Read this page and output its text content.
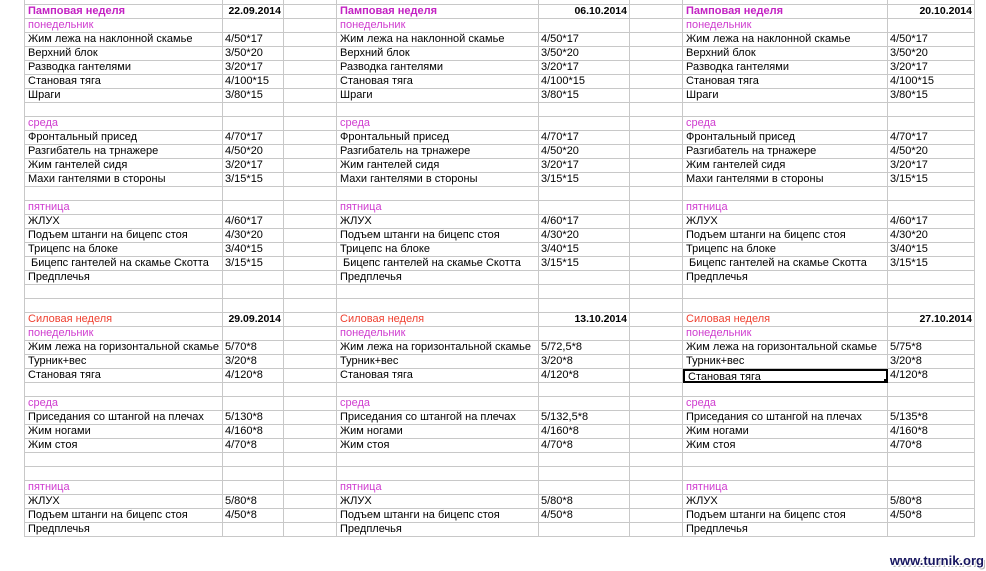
Памповая неделя	22.09.2014	Памповая неделя	06.10.2014	Памповая неделя	20.10.2014
понедельник	понедельник	понедельник
Жим лежа на наклонной скамье	4/50*17	Жим лежа на наклонной скамье	4/50*17	Жим лежа на наклонной скамье	4/50*17
Верхний блок	3/50*20	Верхний блок	3/50*20	Верхний блок	3/50*20
Разводка гантелями	3/20*17	Разводка гантелями	3/20*17	Разводка гантелями	3/20*17
Становая тяга	4/100*15	Становая тяга	4/100*15	Становая тяга	4/100*15
Шраги	3/80*15	Шраги	3/80*15	Шраги	3/80*15
среда	среда	среда
Фронтальный присед	4/70*17	Фронтальный присед	4/70*17	Фронтальный присед	4/70*17
Разгибатель на трнажере	4/50*20	Разгибатель на трнажере	4/50*20	Разгибатель на трнажере	4/50*20
Жим гантелей сидя	3/20*17	Жим гантелей сидя	3/20*17	Жим гантелей сидя	3/20*17
Махи гантелями в стороны	3/15*15	Махи гантелями в стороны	3/15*15	Махи гантелями в стороны	3/15*15
пятница	пятница	пятница
ЖЛУХ	4/60*17	ЖЛУХ	4/60*17	ЖЛУХ	4/60*17
Подъем штанги на бицепс стоя	4/30*20	Подъем штанги на бицепс стоя	4/30*20	Подъем штанги на бицепс стоя	4/30*20
Трицепс на блоке	3/40*15	Трицепс на блоке	3/40*15	Трицепс на блоке	3/40*15
Бицепс гантелей на скамье Скотта	3/15*15	Бицепс гантелей на скамье Скотта	3/15*15	Бицепс гантелей на скамье Скотта	3/15*15
Предплечья	Предплечья	Предплечья
Силовая неделя	29.09.2014	Силовая неделя	13.10.2014	Силовая неделя	27.10.2014
понедельник	понедельник	понедельник
Жим лежа на горизонтальной скамье 5/70*8	Жим лежа на горизонтальной скамье 5/72,5*8	Жим лежа на горизонтальной скамье	5/75*8
Турник+вес	3/20*8	Турник+вес	3/20*8	Турник+вес	3/20*8
Становая тяга	4/120*8	Становая тяга	4/120*8	Становая тяга	4/120*8
среда	среда	среда
Приседания со штангой на плечах	5/130*8	Приседания со штангой на плечах	5/132,5*8	Приседания со штангой на плечах	5/135*8
Жим ногами	4/160*8	Жим ногами	4/160*8	Жим ногами	4/160*8
Жим стоя	4/70*8	Жим стоя	4/70*8	Жим стоя	4/70*8
пятница	пятница	пятница
ЖЛУХ	5/80*8	ЖЛУХ	5/80*8	ЖЛУХ	5/80*8
Подъем штанги на бицепс стоя	4/50*8	Подъем штанги на бицепс стоя	4/50*8	Подъем штанги на бицепс стоя	4/50*8
Предплечья	Предплечья	Предплечья
www.turnik.org
